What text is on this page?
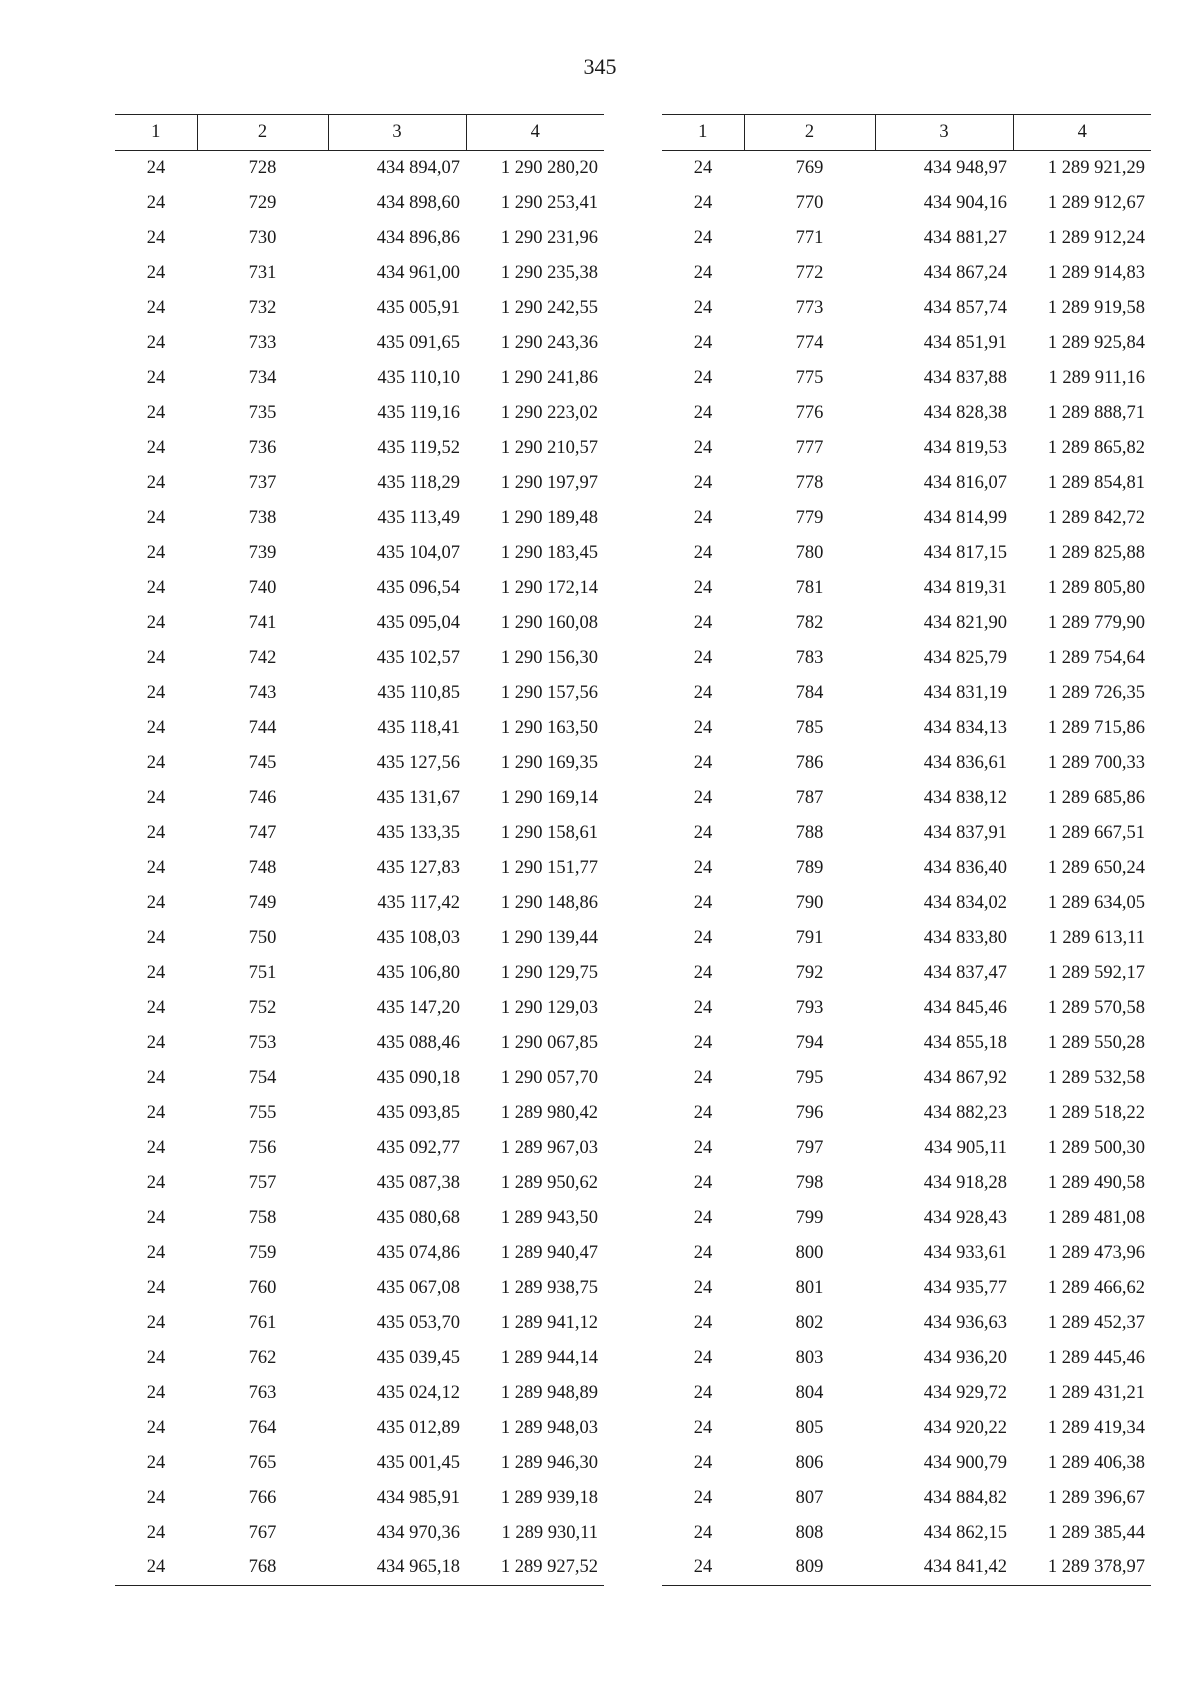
345
1	2	3	4
24	728	434 894,07	1 290 280,20
24	729	434 898,60	1 290 253,41
24	730	434 896,86	1 290 231,96
24	731	434 961,00	1 290 235,38
24	732	435 005,91	1 290 242,55
24	733	435 091,65	1 290 243,36
24	734	435 110,10	1 290 241,86
24	735	435 119,16	1 290 223,02
24	736	435 119,52	1 290 210,57
24	737	435 118,29	1 290 197,97
24	738	435 113,49	1 290 189,48
24	739	435 104,07	1 290 183,45
24	740	435 096,54	1 290 172,14
24	741	435 095,04	1 290 160,08
24	742	435 102,57	1 290 156,30
24	743	435 110,85	1 290 157,56
24	744	435 118,41	1 290 163,50
24	745	435 127,56	1 290 169,35
24	746	435 131,67	1 290 169,14
24	747	435 133,35	1 290 158,61
24	748	435 127,83	1 290 151,77
24	749	435 117,42	1 290 148,86
24	750	435 108,03	1 290 139,44
24	751	435 106,80	1 290 129,75
24	752	435 147,20	1 290 129,03
24	753	435 088,46	1 290 067,85
24	754	435 090,18	1 290 057,70
24	755	435 093,85	1 289 980,42
24	756	435 092,77	1 289 967,03
24	757	435 087,38	1 289 950,62
24	758	435 080,68	1 289 943,50
24	759	435 074,86	1 289 940,47
24	760	435 067,08	1 289 938,75
24	761	435 053,70	1 289 941,12
24	762	435 039,45	1 289 944,14
24	763	435 024,12	1 289 948,89
24	764	435 012,89	1 289 948,03
24	765	435 001,45	1 289 946,30
24	766	434 985,91	1 289 939,18
24	767	434 970,36	1 289 930,11
24	768	434 965,18	1 289 927,52
1	2	3	4
24	769	434 948,97	1 289 921,29
24	770	434 904,16	1 289 912,67
24	771	434 881,27	1 289 912,24
24	772	434 867,24	1 289 914,83
24	773	434 857,74	1 289 919,58
24	774	434 851,91	1 289 925,84
24	775	434 837,88	1 289 911,16
24	776	434 828,38	1 289 888,71
24	777	434 819,53	1 289 865,82
24	778	434 816,07	1 289 854,81
24	779	434 814,99	1 289 842,72
24	780	434 817,15	1 289 825,88
24	781	434 819,31	1 289 805,80
24	782	434 821,90	1 289 779,90
24	783	434 825,79	1 289 754,64
24	784	434 831,19	1 289 726,35
24	785	434 834,13	1 289 715,86
24	786	434 836,61	1 289 700,33
24	787	434 838,12	1 289 685,86
24	788	434 837,91	1 289 667,51
24	789	434 836,40	1 289 650,24
24	790	434 834,02	1 289 634,05
24	791	434 833,80	1 289 613,11
24	792	434 837,47	1 289 592,17
24	793	434 845,46	1 289 570,58
24	794	434 855,18	1 289 550,28
24	795	434 867,92	1 289 532,58
24	796	434 882,23	1 289 518,22
24	797	434 905,11	1 289 500,30
24	798	434 918,28	1 289 490,58
24	799	434 928,43	1 289 481,08
24	800	434 933,61	1 289 473,96
24	801	434 935,77	1 289 466,62
24	802	434 936,63	1 289 452,37
24	803	434 936,20	1 289 445,46
24	804	434 929,72	1 289 431,21
24	805	434 920,22	1 289 419,34
24	806	434 900,79	1 289 406,38
24	807	434 884,82	1 289 396,67
24	808	434 862,15	1 289 385,44
24	809	434 841,42	1 289 378,97
